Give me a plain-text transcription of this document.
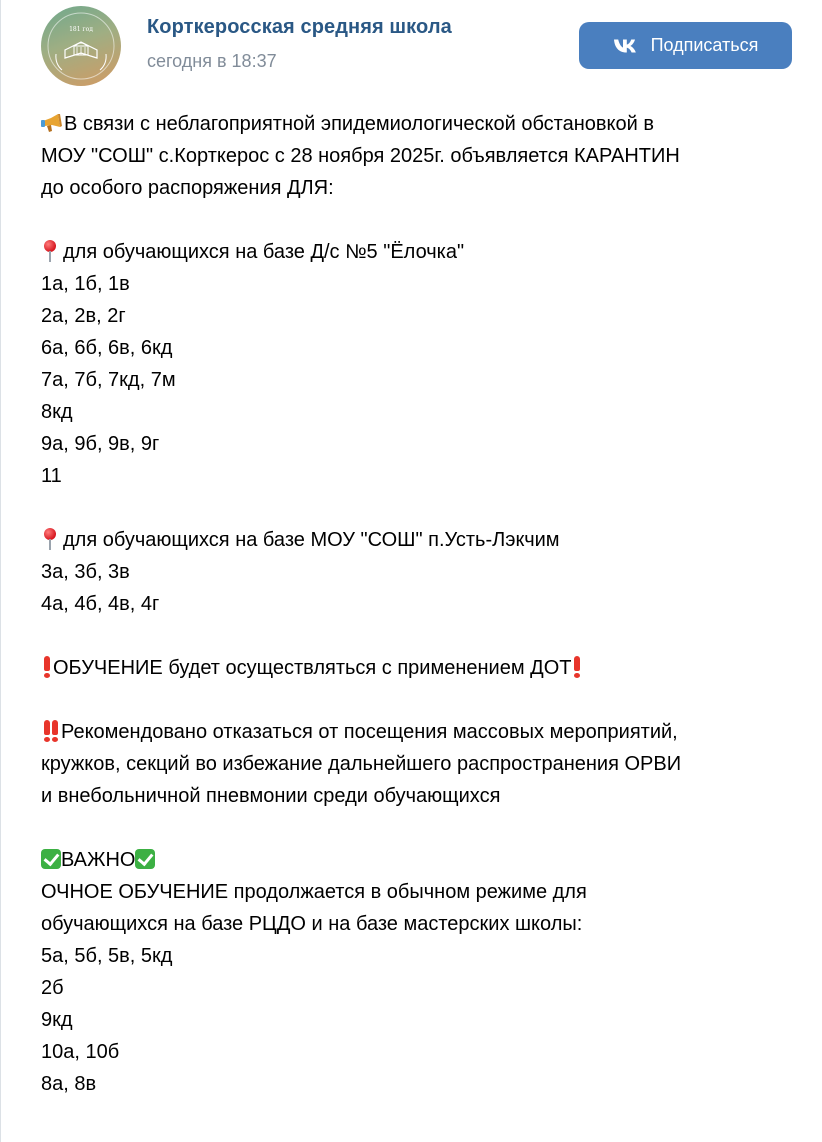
181 год	Корткеросская средняя школа
сегодня в 18:37
Подписаться
В связи с неблагоприятной эпидемиологической обстановкой в
МОУ "СОШ" с.Корткерос с 28 ноября 2025г. объявляется КАРАНТИН
до особого распоряжения ДЛЯ:
для обучающихся на базе Д/с №5 "Ёлочка"
1а, 1б, 1в
2а, 2в, 2г
6а, 6б, 6в, 6кд
7а, 7б, 7кд, 7м
8кд
9а, 9б, 9в, 9г
11
для обучающихся на базе МОУ "СОШ" п.Усть-Лэкчим
3а, 3б, 3в
4а, 4б, 4в, 4г
ОБУЧЕНИЕ будет осуществляться с применением ДОТ
Рекомендовано отказаться от посещения массовых мероприятий,
кружков, секций во избежание дальнейшего распространения ОРВИ
и внебольничной пневмонии среди обучающихся
ВАЖНО
ОЧНОЕ ОБУЧЕНИЕ продолжается в обычном режиме для
обучающихся на базе РЦДО и на базе мастерских школы:
5а, 5б, 5в, 5кд
2б
9кд
10а, 10б
8а, 8в
